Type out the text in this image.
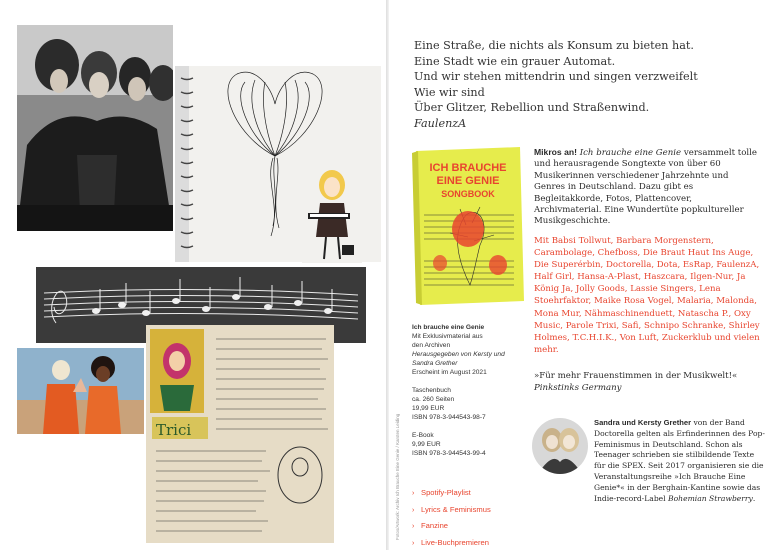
Trici
Eine Straße, die nichts als Konsum zu bieten hat.
Eine Stadt wie ein grauer Automat.
Und wir stehen mittendrin und singen verzweifelt
Wie wir sind
Über Glitzer, Rebellion und Straßenwind.
FaulenzA
ICH BRAUCHE
EINE GENIE
SONGBOOK
Ich brauche eine Genie
Mit Exklusivmaterial aus
den Archiven
Herausgegeben von Kersty und
Sandra Grether
Erscheint im August 2021
Taschenbuch
ca. 260 Seiten
19,99 EUR
ISBN 978-3-944543-98-7
E-Book
9,99 EUR
ISBN 978-3-944543-99-4
› Spotify-Playlist
› Lyrics & Feminismus
› Fanzine
› Live-Buchpremieren
Fotos/Artwork: Archiv Ich Brauche Eine Genie / Karsten Leiding
Mikros an! Ich brauche eine Genie versammelt tolle und herausragende Songtexte von über 60 Musikerinnen verschiedener Jahrzehnte und Genres in Deutschland. Dazu gibt es Begleitakkorde, Fotos, Plattencover, Archivmaterial. Eine Wundertüte popkultureller Musikgeschichte.
Mit Babsi Tollwut, Barbara Morgenstern, Carambolage, Chefboss, Die Braut Haut Ins Auge, Die Superérbin, Doctorella, Dota, EsRap, FaulenzA, Half Girl, Hansa-A-Plast, Haszcara, Ilgen-Nur, Ja König Ja, Jolly Goods, Lassie Singers, Lena Stoehrfaktor, Maike Rosa Vogel, Malaria, Malonda, Mona Mur, Nähmaschinenduett, Natascha P., Oxy Music, Parole Trixi, Safi, Schnipo Schranke, Shirley Holmes, T.C.H.I.K., Von Luft, Zuckerklub und vielen mehr.
»Für mehr Frauenstimmen in der Musikwelt!«
Pinkstinks Germany
Sandra und Kersty Grether von der Band Doctorella gelten als Erfinderinnen des Pop-Feminismus in Deutschland. Schon als Teenager schrieben sie stilbildende Texte für die SPEX. Seit 2017 organisieren sie die Veranstaltungsreihe »Ich Brauche Eine Genie*« in der Berghain-Kantine sowie das Indie-record-Label Bohemian Strawberry.
